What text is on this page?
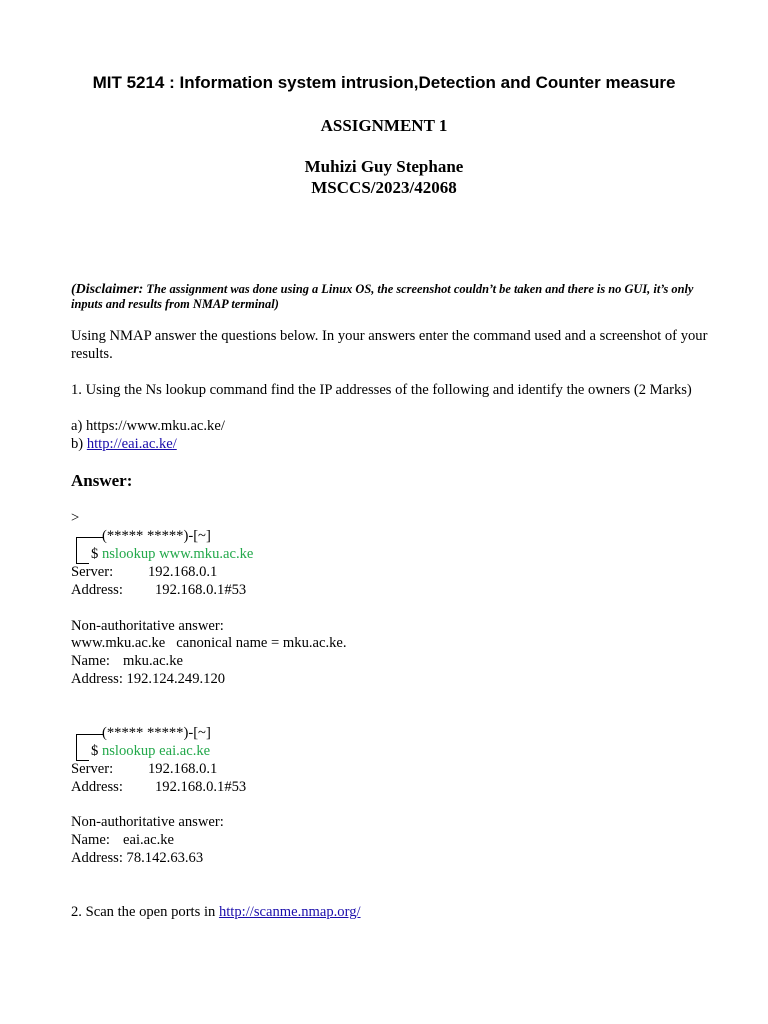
MIT 5214 : Information system intrusion,Detection and Counter measure
ASSIGNMENT 1
Muhizi Guy Stephane
MSCCS/2023/42068
(Disclaimer: The assignment was done using a Linux OS, the screenshot couldn’t be taken and there is no GUI, it’s only inputs and results from NMAP terminal)
Using NMAP answer the questions below. In your answers enter the command used and a screenshot of your results.
1. Using the Ns lookup command find the IP addresses of the following and identify the owners (2 Marks)
a) https://www.mku.ac.ke/
b) http://eai.ac.ke/
Answer:
>
(***** *****)-[~]
$ nslookup www.mku.ac.ke
Server: 192.168.0.1
Address: 192.168.0.1#53
Non-authoritative answer:
www.mku.ac.ke   canonical name = mku.ac.ke.
Name: mku.ac.ke
Address: 192.124.249.120
(***** *****)-[~]
$ nslookup eai.ac.ke
Server: 192.168.0.1
Address: 192.168.0.1#53
Non-authoritative answer:
Name: eai.ac.ke
Address: 78.142.63.63
2. Scan the open ports in http://scanme.nmap.org/
